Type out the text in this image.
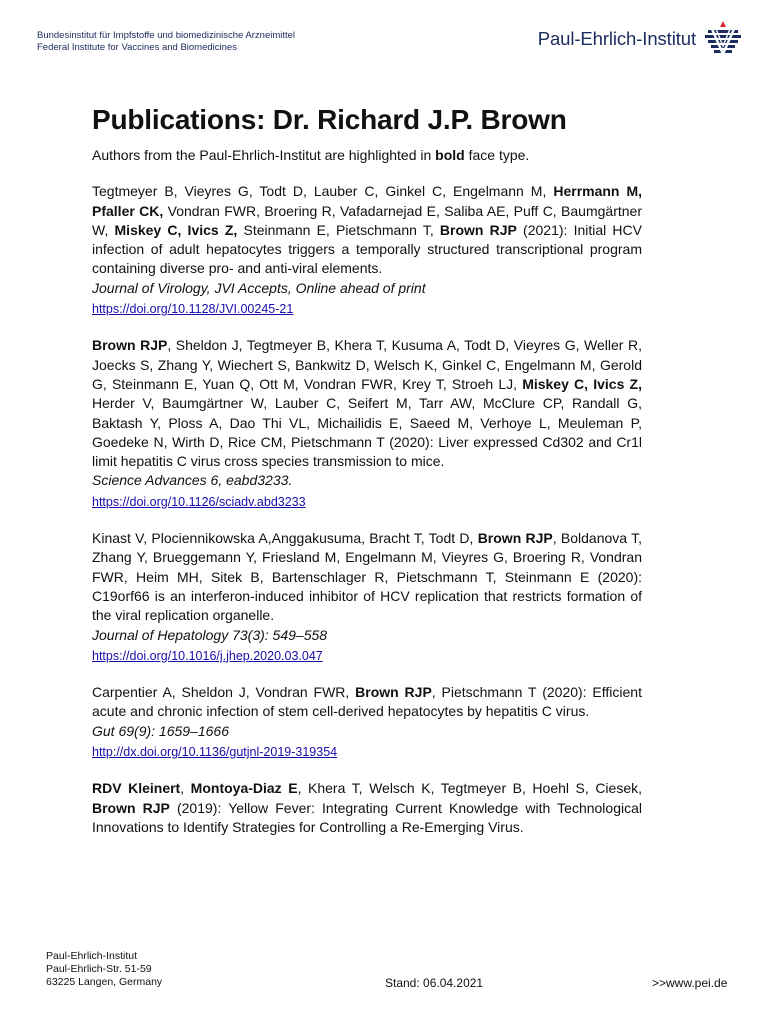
Bundesinstitut für Impfstoffe und biomedizinische Arzneimittel
Federal Institute for Vaccines and Biomedicines	Paul-Ehrlich-Institut
Publications: Dr. Richard J.P. Brown

Authors from the Paul-Ehrlich-Institut are highlighted in bold face type.

Tegtmeyer B, Vieyres G, Todt D, Lauber C, Ginkel C, Engelmann M, Herrmann M, Pfaller CK, Vondran FWR, Broering R, Vafadarnejad E, Saliba AE, Puff C, Baumgärtner W, Miskey C, Ivics Z, Steinmann E, Pietschmann T, Brown RJP (2021): Initial HCV infection of adult hepatocytes triggers a temporally structured transcriptional program containing diverse pro- and anti-viral elements.
Journal of Virology, JVI Accepts, Online ahead of print
https://doi.org/10.1128/JVI.00245-21
Brown RJP, Sheldon J, Tegtmeyer B, Khera T, Kusuma A, Todt D, Vieyres G, Weller R, Joecks S, Zhang Y, Wiechert S, Bankwitz D, Welsch K, Ginkel C, Engelmann M, Gerold G, Steinmann E, Yuan Q, Ott M, Vondran FWR, Krey T, Stroeh LJ, Miskey C, Ivics Z, Herder V, Baumgärtner W, Lauber C, Seifert M, Tarr AW, McClure CP, Randall G, Baktash Y, Ploss A, Dao Thi VL, Michailidis E, Saeed M, Verhoye L, Meuleman P, Goedeke N, Wirth D, Rice CM, Pietschmann T (2020): Liver expressed Cd302 and Cr1l limit hepatitis C virus cross species transmission to mice.
Science Advances 6, eabd3233.
https://doi.org/10.1126/sciadv.abd3233
Kinast V, Plociennikowska A,Anggakusuma, Bracht T, Todt D, Brown RJP, Boldanova T, Zhang Y, Brueggemann Y, Friesland M, Engelmann M, Vieyres G, Broering R, Vondran FWR, Heim MH, Sitek B, Bartenschlager R, Pietschmann T, Steinmann E (2020): C19orf66 is an interferon-induced inhibitor of HCV replication that restricts formation of the viral replication organelle.
Journal of Hepatology 73(3): 549–558
https://doi.org/10.1016/j.jhep.2020.03.047
Carpentier A, Sheldon J, Vondran FWR, Brown RJP, Pietschmann T (2020): Efficient acute and chronic infection of stem cell-derived hepatocytes by hepatitis C virus.
Gut 69(9): 1659–1666
http://dx.doi.org/10.1136/gutjnl-2019-319354
RDV Kleinert, Montoya-Diaz E, Khera T, Welsch K, Tegtmeyer B, Hoehl S, Ciesek, Brown RJP (2019): Yellow Fever: Integrating Current Knowledge with Technological Innovations to Identify Strategies for Controlling a Re-Emerging Virus.
Paul-Ehrlich-Institut
Paul-Ehrlich-Str. 51-59
63225 Langen, Germany	Stand: 06.04.2021	>>www.pei.de
